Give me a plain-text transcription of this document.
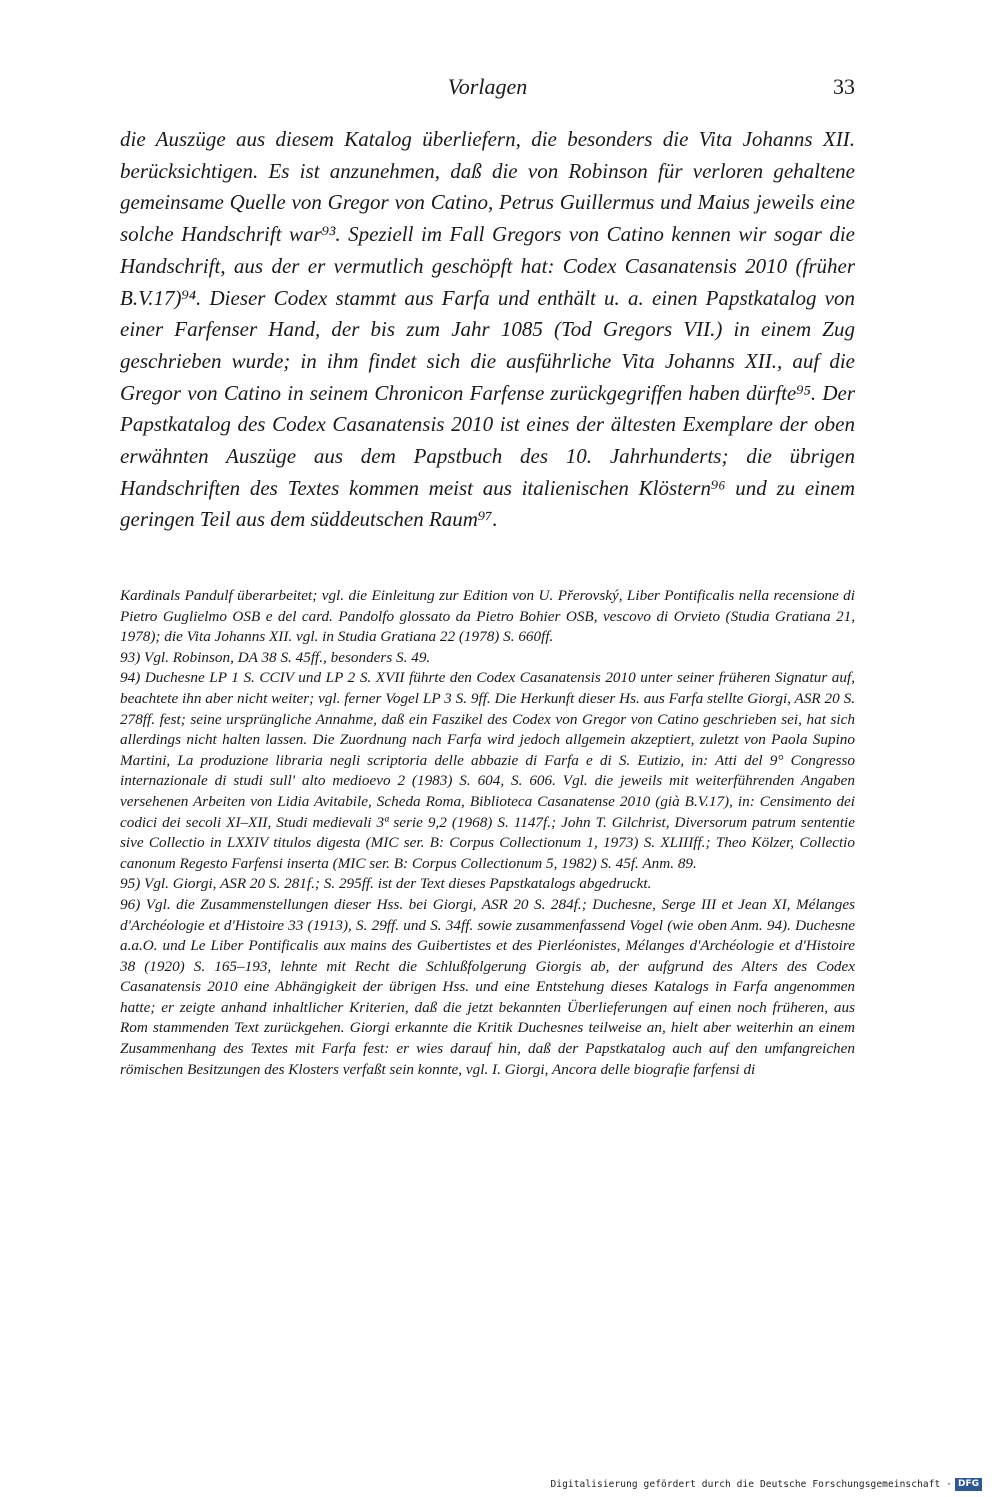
Vorlagen	33

die Auszüge aus diesem Katalog überliefern, die besonders die Vita Johanns XII. berücksichtigen. Es ist anzunehmen, daß die von Robinson für verloren gehaltene gemeinsame Quelle von Gregor von Catino, Petrus Guillermus und Maius jeweils eine solche Handschrift war⁹³. Speziell im Fall Gregors von Catino kennen wir sogar die Handschrift, aus der er vermutlich geschöpft hat: Codex Casanatensis 2010 (früher B.V.17)⁹⁴. Dieser Codex stammt aus Farfa und enthält u. a. einen Papstkatalog von einer Farfenser Hand, der bis zum Jahr 1085 (Tod Gregors VII.) in einem Zug geschrieben wurde; in ihm findet sich die ausführliche Vita Johanns XII., auf die Gregor von Catino in seinem Chronicon Farfense zurückgegriffen haben dürfte⁹⁵. Der Papstkatalog des Codex Casanatensis 2010 ist eines der ältesten Exemplare der oben erwähnten Auszüge aus dem Papstbuch des 10. Jahrhunderts; die übrigen Handschriften des Textes kommen meist aus italienischen Klöstern⁹⁶ und zu einem geringen Teil aus dem süddeutschen Raum⁹⁷.

Kardinals Pandulf überarbeitet; vgl. die Einleitung zur Edition von U. Přerovský, Liber Pontificalis nella recensione di Pietro Guglielmo OSB e del card. Pandolfo glossato da Pietro Bohier OSB, vescovo di Orvieto (Studia Gratiana 21, 1978); die Vita Johanns XII. vgl. in Studia Gratiana 22 (1978) S. 660ff.

93) Vgl. Robinson, DA 38 S. 45ff., besonders S. 49.

94) Duchesne LP 1 S. CCIV und LP 2 S. XVII führte den Codex Casanatensis 2010 unter seiner früheren Signatur auf, beachtete ihn aber nicht weiter; vgl. ferner Vogel LP 3 S. 9ff. Die Herkunft dieser Hs. aus Farfa stellte Giorgi, ASR 20 S. 278ff. fest; seine ursprüngliche Annahme, daß ein Faszikel des Codex von Gregor von Catino geschrieben sei, hat sich allerdings nicht halten lassen. Die Zuordnung nach Farfa wird jedoch allgemein akzeptiert, zuletzt von Paola Supino Martini, La produzione libraria negli scriptoria delle abbazie di Farfa e di S. Eutizio, in: Atti del 9° Congresso internazionale di studi sull' alto medioevo 2 (1983) S. 604, S. 606. Vgl. die jeweils mit weiterführenden Angaben versehenen Arbeiten von Lidia Avitabile, Scheda Roma, Biblioteca Casanatense 2010 (già B.V.17), in: Censimento dei codici dei secoli XI–XII, Studi medievali 3ª serie 9,2 (1968) S. 1147f.; John T. Gilchrist, Diversorum patrum sententie sive Collectio in LXXIV titulos digesta (MIC ser. B: Corpus Collectionum 1, 1973) S. XLIIIff.; Theo Kölzer, Collectio canonum Regesto Farfensi inserta (MIC ser. B: Corpus Collectionum 5, 1982) S. 45f. Anm. 89.

95) Vgl. Giorgi, ASR 20 S. 281f.; S. 295ff. ist der Text dieses Papstkatalogs abgedruckt.

96) Vgl. die Zusammenstellungen dieser Hss. bei Giorgi, ASR 20 S. 284f.; Duchesne, Serge III et Jean XI, Mélanges d'Archéologie et d'Histoire 33 (1913), S. 29ff. und S. 34ff. sowie zusammenfassend Vogel (wie oben Anm. 94). Duchesne a.a.O. und Le Liber Pontificalis aux mains des Guibertistes et des Pierléonistes, Mélanges d'Archéologie et d'Histoire 38 (1920) S. 165–193, lehnte mit Recht die Schlußfolgerung Giorgis ab, der aufgrund des Alters des Codex Casanatensis 2010 eine Abhängigkeit der übrigen Hss. und eine Entstehung dieses Katalogs in Farfa angenommen hatte; er zeigte anhand inhaltlicher Kriterien, daß die jetzt bekannten Überlieferungen auf einen noch früheren, aus Rom stammenden Text zurückgehen. Giorgi erkannte die Kritik Duchesnes teilweise an, hielt aber weiterhin an einem Zusammenhang des Textes mit Farfa fest: er wies darauf hin, daß der Papstkatalog auch auf den umfangreichen römischen Besitzungen des Klosters verfaßt sein konnte, vgl. I. Giorgi, Ancora delle biografie farfensi di

Digitalisierung gefördert durch die Deutsche Forschungsgemeinschaft · DFG
